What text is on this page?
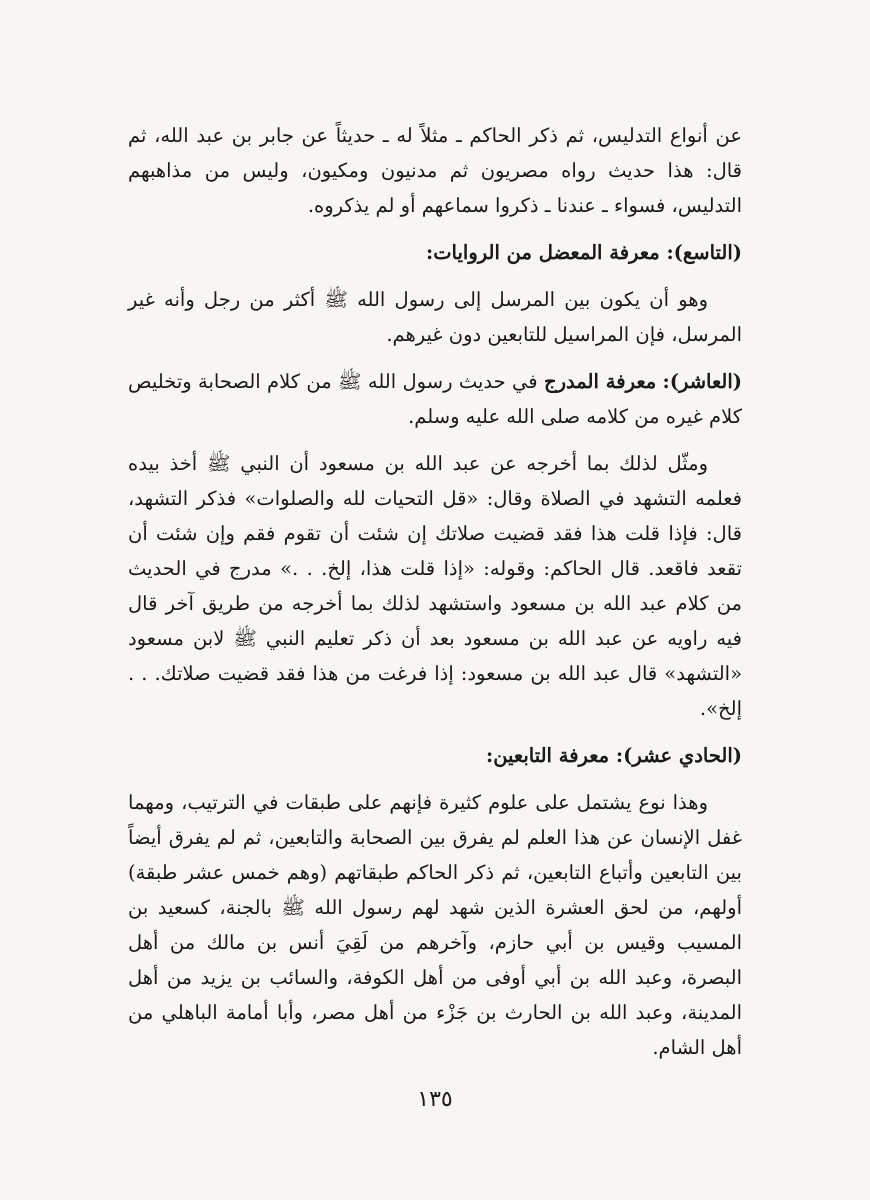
عن أنواع التدليس، ثم ذكر الحاكم ـ مثلاً له ـ حديثاً عن جابر بن عبد الله، ثم قال: هذا حديث رواه مصريون ثم مدنيون ومكيون، وليس من مذاهبهم التدليس، فسواء ـ عندنا ـ ذكروا سماعهم أو لم يذكروه.

(التاسع): معرفة المعضل من الروايات:

وهو أن يكون بين المرسل إلى رسول الله ﷺ أكثر من رجل وأنه غير المرسل، فإن المراسيل للتابعين دون غيرهم.

(العاشر): معرفة المدرج في حديث رسول الله ﷺ من كلام الصحابة وتخليص كلام غيره من كلامه صلى الله عليه وسلم.

ومثّل لذلك بما أخرجه عن عبد الله بن مسعود أن النبي ﷺ أخذ بيده فعلمه التشهد في الصلاة وقال: «قل التحيات لله والصلوات» فذكر التشهد، قال: فإذا قلت هذا فقد قضيت صلاتك إن شئت أن تقوم فقم وإن شئت أن تقعد فاقعد. قال الحاكم: وقوله: «إذا قلت هذا، إلخ. . .» مدرج في الحديث من كلام عبد الله بن مسعود واستشهد لذلك بما أخرجه من طريق آخر قال فيه راويه عن عبد الله بن مسعود بعد أن ذكر تعليم النبي ﷺ لابن مسعود «التشهد» قال عبد الله بن مسعود: إذا فرغت من هذا فقد قضيت صلاتك. . . إلخ».

(الحادي عشر): معرفة التابعين:

وهذا نوع يشتمل على علوم كثيرة فإنهم على طبقات في الترتيب، ومهما غفل الإنسان عن هذا العلم لم يفرق بين الصحابة والتابعين، ثم لم يفرق أيضاً بين التابعين وأتباع التابعين، ثم ذكر الحاكم طبقاتهم (وهم خمس عشر طبقة) أولهم، من لحق العشرة الذين شهد لهم رسول الله ﷺ بالجنة، كسعيد بن المسيب وقيس بن أبي حازم، وآخرهم من لَقِيَ أنس بن مالك من أهل البصرة، وعبد الله بن أبي أوفى من أهل الكوفة، والسائب بن يزيد من أهل المدينة، وعبد الله بن الحارث بن جَزْء من أهل مصر، وأبا أمامة الباهلي من أهل الشام.

١٣٥
